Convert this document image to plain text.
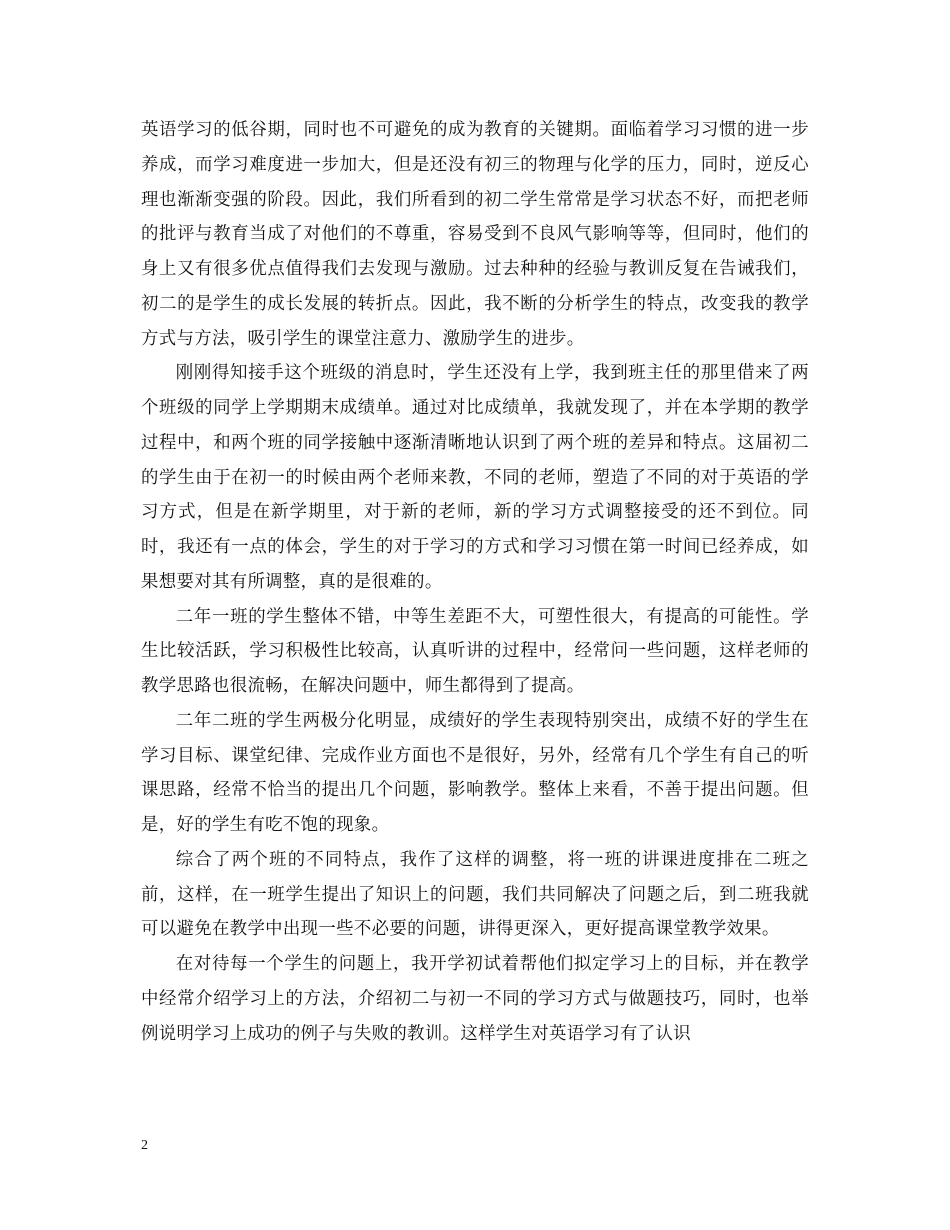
英语学习的低谷期，同时也不可避免的成为教育的关键期。面临着学习习惯的进一步养成，而学习难度进一步加大，但是还没有初三的物理与化学的压力，同时，逆反心理也渐渐变强的阶段。因此，我们所看到的初二学生常常是学习状态不好，而把老师的批评与教育当成了对他们的不尊重，容易受到不良风气影响等等，但同时，他们的身上又有很多优点值得我们去发现与激励。过去种种的经验与教训反复在告诫我们，初二的是学生的成长发展的转折点。因此，我不断的分析学生的特点，改变我的教学方式与方法，吸引学生的课堂注意力、激励学生的进步。

刚刚得知接手这个班级的消息时，学生还没有上学，我到班主任的那里借来了两个班级的同学上学期期末成绩单。通过对比成绩单，我就发现了，并在本学期的教学过程中，和两个班的同学接触中逐渐清晰地认识到了两个班的差异和特点。这届初二的学生由于在初一的时候由两个老师来教，不同的老师，塑造了不同的对于英语的学习方式，但是在新学期里，对于新的老师，新的学习方式调整接受的还不到位。同时，我还有一点的体会，学生的对于学习的方式和学习习惯在第一时间已经养成，如果想要对其有所调整，真的是很难的。

二年一班的学生整体不错，中等生差距不大，可塑性很大，有提高的可能性。学生比较活跃，学习积极性比较高，认真听讲的过程中，经常问一些问题，这样老师的教学思路也很流畅，在解决问题中，师生都得到了提高。

二年二班的学生两极分化明显，成绩好的学生表现特别突出，成绩不好的学生在学习目标、课堂纪律、完成作业方面也不是很好，另外，经常有几个学生有自己的听课思路，经常不恰当的提出几个问题，影响教学。整体上来看，不善于提出问题。但是，好的学生有吃不饱的现象。

综合了两个班的不同特点，我作了这样的调整，将一班的讲课进度排在二班之前，这样，在一班学生提出了知识上的问题，我们共同解决了问题之后，到二班我就可以避免在教学中出现一些不必要的问题，讲得更深入，更好提高课堂教学效果。

在对待每一个学生的问题上，我开学初试着帮他们拟定学习上的目标，并在教学中经常介绍学习上的方法，介绍初二与初一不同的学习方式与做题技巧，同时，也举例说明学习上成功的例子与失败的教训。这样学生对英语学习有了认识

2
